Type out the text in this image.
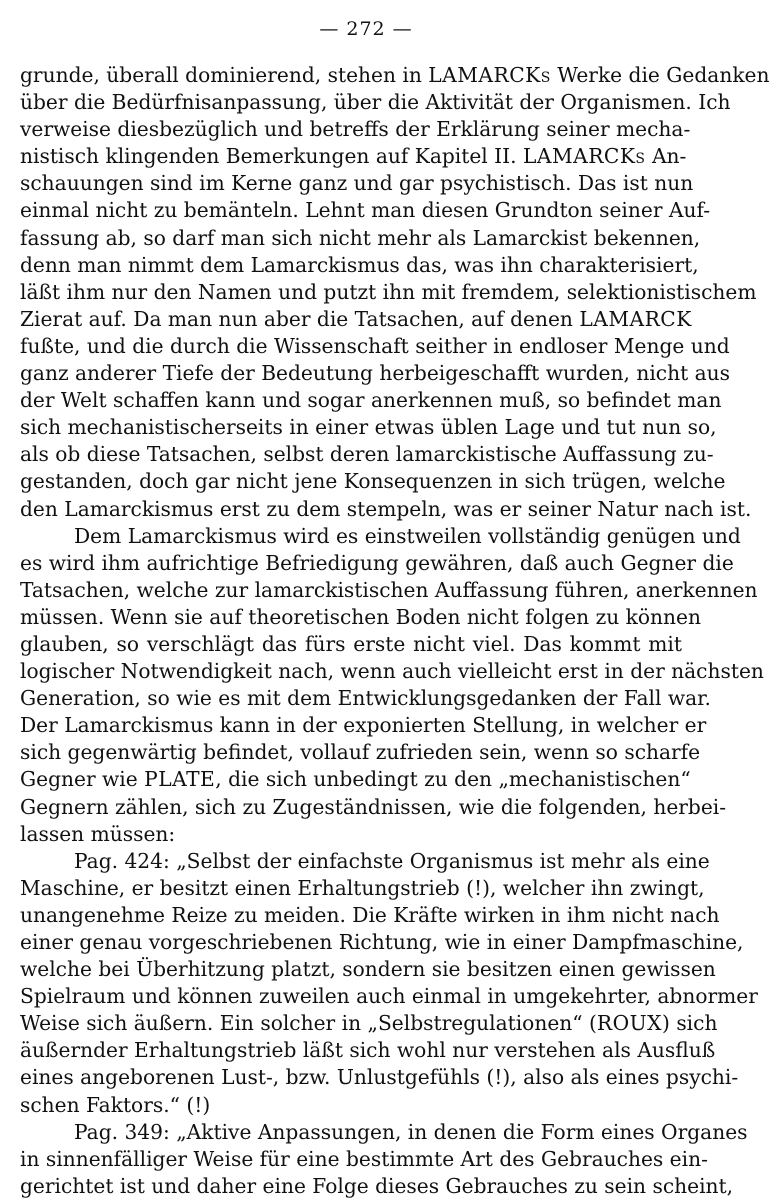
— 272 —
grunde, überall dominierend, stehen in LAMARCKs Werke die Gedanken
über die Bedürfnisanpassung, über die Aktivität der Organismen. Ich
verweise diesbezüglich und betreffs der Erklärung seiner mecha-
nistisch klingenden Bemerkungen auf Kapitel II. LAMARCKs An-
schauungen sind im Kerne ganz und gar psychistisch. Das ist nun
einmal nicht zu bemänteln. Lehnt man diesen Grundton seiner Auf-
fassung ab, so darf man sich nicht mehr als Lamarckist bekennen,
denn man nimmt dem Lamarckismus das, was ihn charakterisiert,
läßt ihm nur den Namen und putzt ihn mit fremdem, selektionistischem
Zierat auf. Da man nun aber die Tatsachen, auf denen LAMARCK
fußte, und die durch die Wissenschaft seither in endloser Menge und
ganz anderer Tiefe der Bedeutung herbeigeschafft wurden, nicht aus
der Welt schaffen kann und sogar anerkennen muß, so befindet man
sich mechanistischerseits in einer etwas üblen Lage und tut nun so,
als ob diese Tatsachen, selbst deren lamarckistische Auffassung zu-
gestanden, doch gar nicht jene Konsequenzen in sich trügen, welche
den Lamarckismus erst zu dem stempeln, was er seiner Natur nach ist.
Dem Lamarckismus wird es einstweilen vollständig genügen und
es wird ihm aufrichtige Befriedigung gewähren, daß auch Gegner die
Tatsachen, welche zur lamarckistischen Auffassung führen, anerkennen
müssen. Wenn sie auf theoretischen Boden nicht folgen zu können
glauben, so verschlägt das fürs erste nicht viel. Das kommt mit
logischer Notwendigkeit nach, wenn auch vielleicht erst in der nächsten
Generation, so wie es mit dem Entwicklungsgedanken der Fall war.
Der Lamarckismus kann in der exponierten Stellung, in welcher er
sich gegenwärtig befindet, vollauf zufrieden sein, wenn so scharfe
Gegner wie PLATE, die sich unbedingt zu den „mechanistischen“
Gegnern zählen, sich zu Zugeständnissen, wie die folgenden, herbei-
lassen müssen:
Pag. 424: „Selbst der einfachste Organismus ist mehr als eine
Maschine, er besitzt einen Erhaltungstrieb (!), welcher ihn zwingt,
unangenehme Reize zu meiden. Die Kräfte wirken in ihm nicht nach
einer genau vorgeschriebenen Richtung, wie in einer Dampfmaschine,
welche bei Überhitzung platzt, sondern sie besitzen einen gewissen
Spielraum und können zuweilen auch einmal in umgekehrter, abnormer
Weise sich äußern. Ein solcher in „Selbstregulationen“ (ROUX) sich
äußernder Erhaltungstrieb läßt sich wohl nur verstehen als Ausfluß
eines angeborenen Lust-, bzw. Unlustgefühls (!), also als eines psychi-
schen Faktors.“ (!)
Pag. 349: „Aktive Anpassungen, in denen die Form eines Organes
in sinnenfälliger Weise für eine bestimmte Art des Gebrauches ein-
gerichtet ist und daher eine Folge dieses Gebrauches zu sein scheint,
